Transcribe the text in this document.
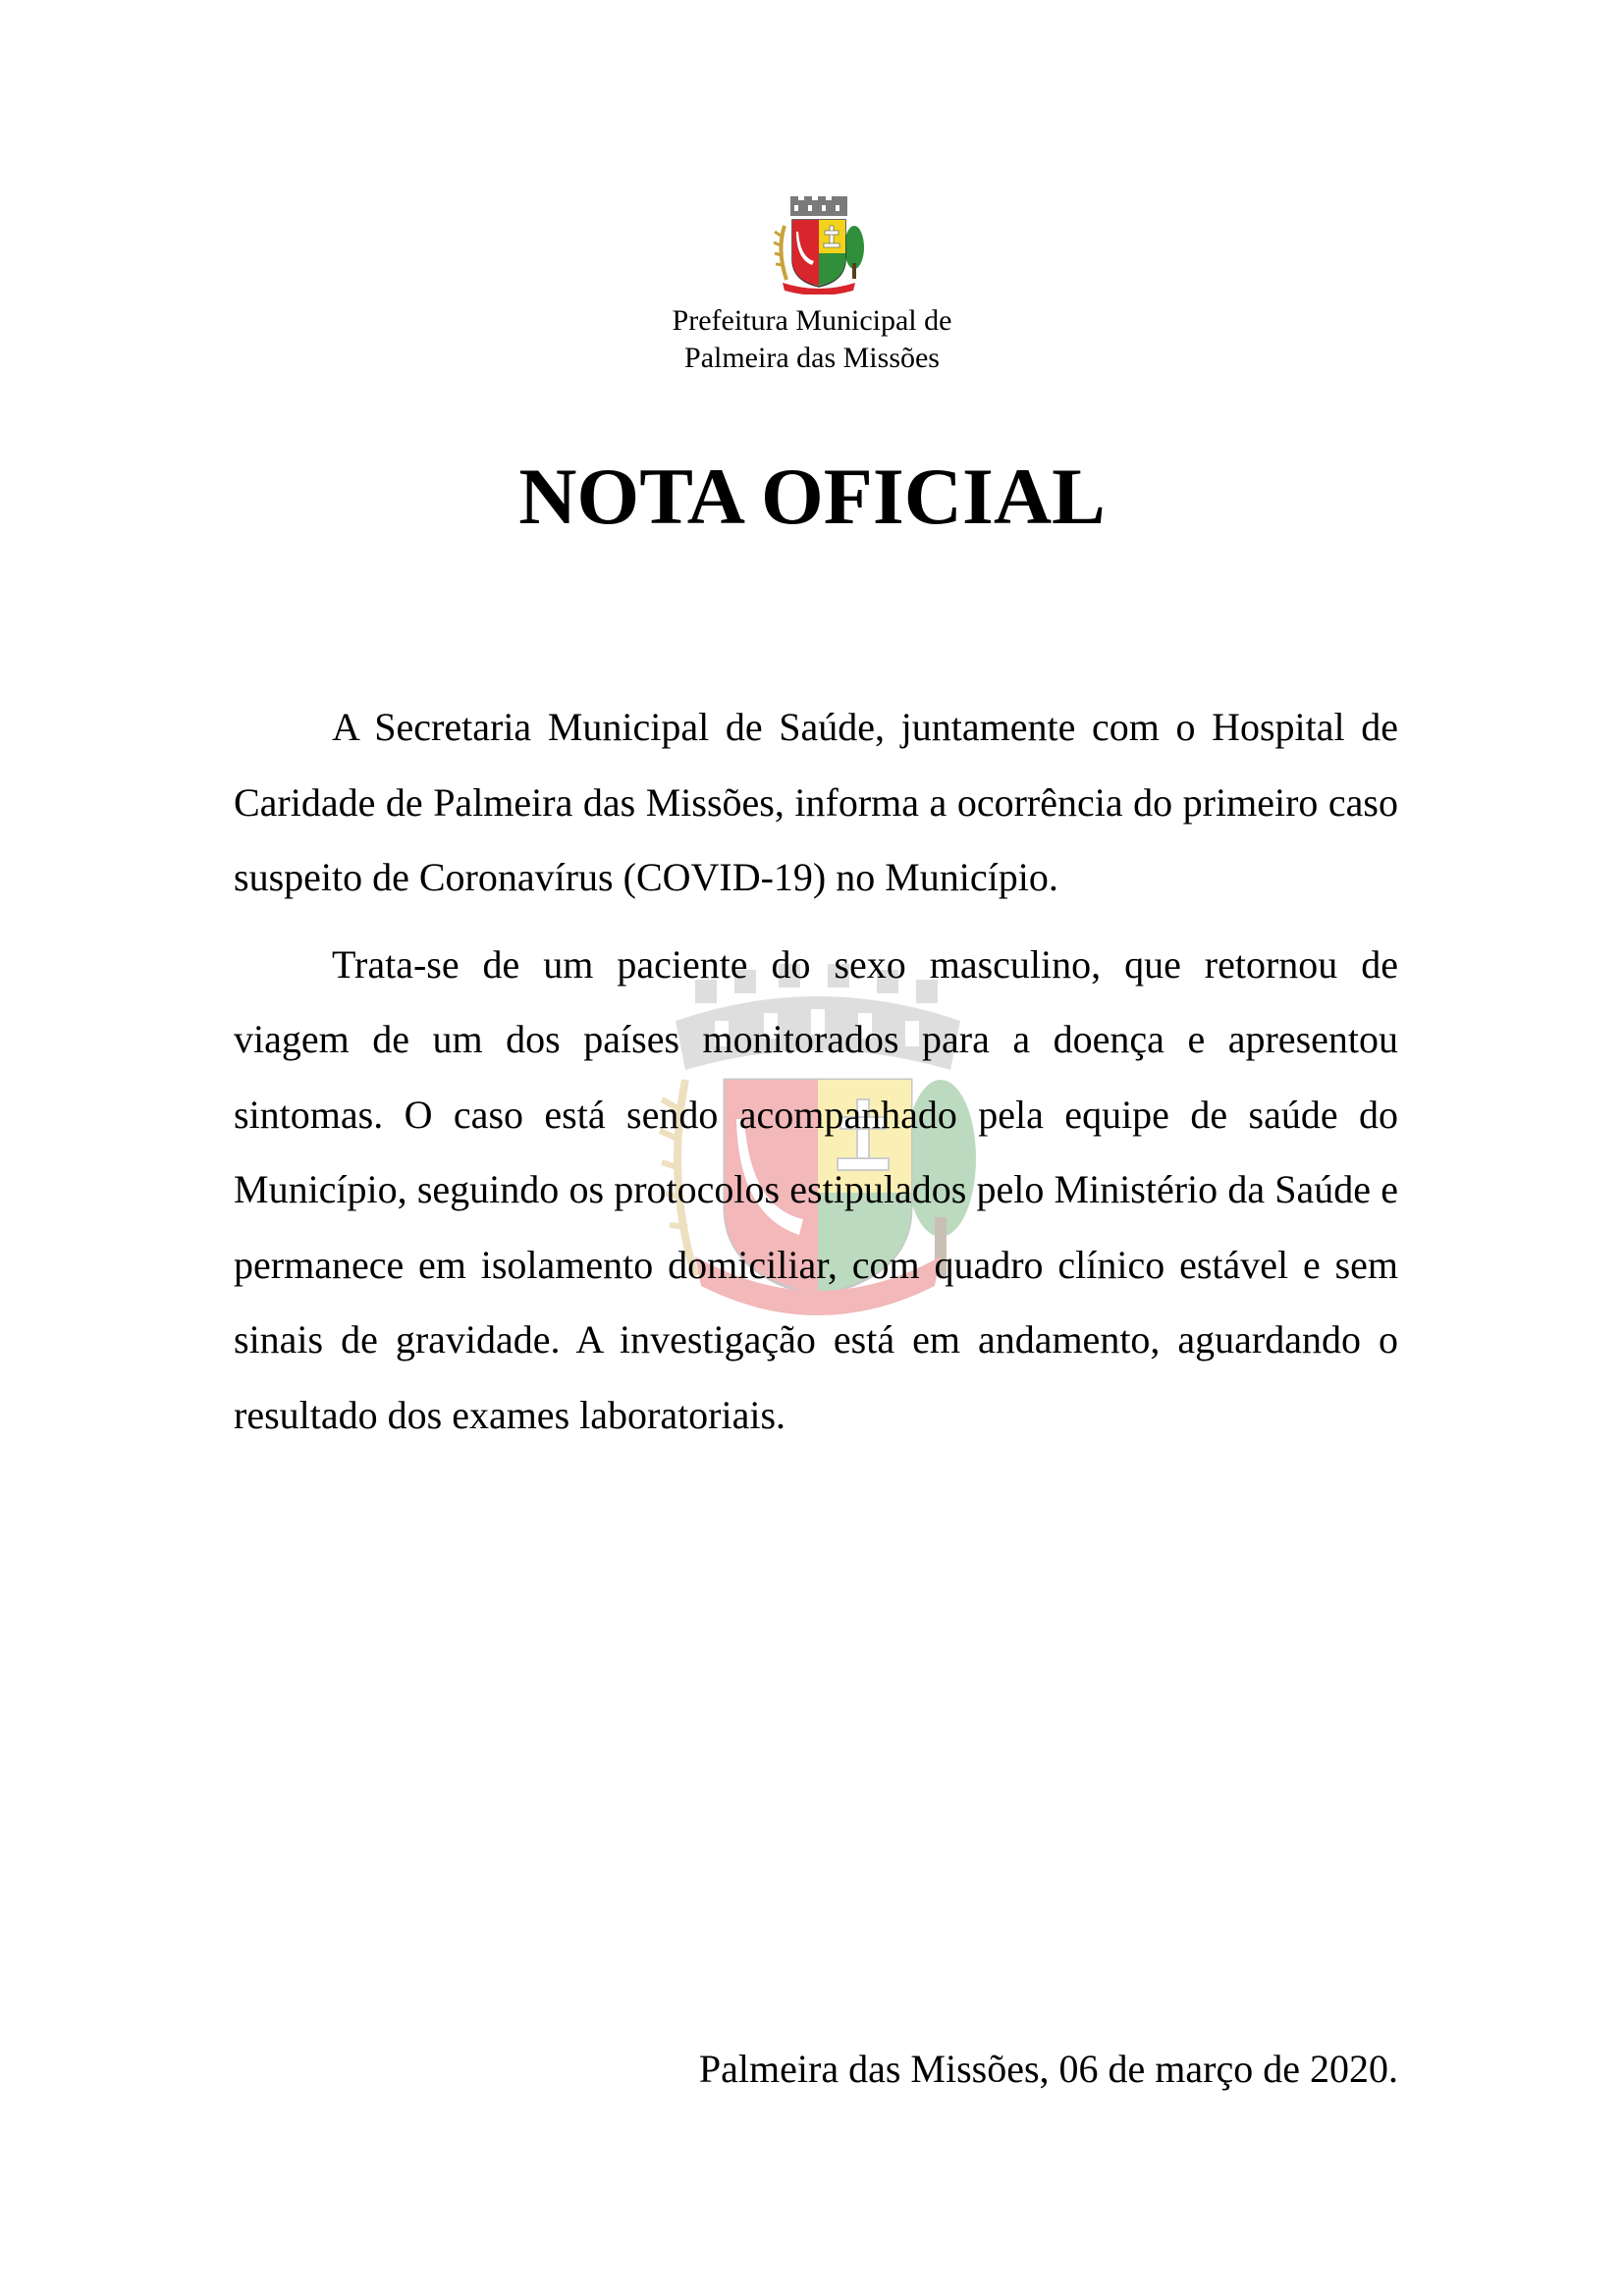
Prefeitura Municipal de
Palmeira das Missões
NOTA OFICIAL

A Secretaria Municipal de Saúde, juntamente com o Hospital de Caridade de Palmeira das Missões, informa a ocorrência do primeiro caso suspeito de Coronavírus (COVID-19) no Município.

Trata-se de um paciente do sexo masculino, que retornou de viagem de um dos países monitorados para a doença e apresentou sintomas. O caso está sendo acompanhado pela equipe de saúde do Município, seguindo os protocolos estipulados pelo Ministério da Saúde e permanece em isolamento domiciliar, com quadro clínico estável e sem sinais de gravidade. A investigação está em andamento, aguardando o resultado dos exames laboratoriais.

Palmeira das Missões, 06 de março de 2020.
